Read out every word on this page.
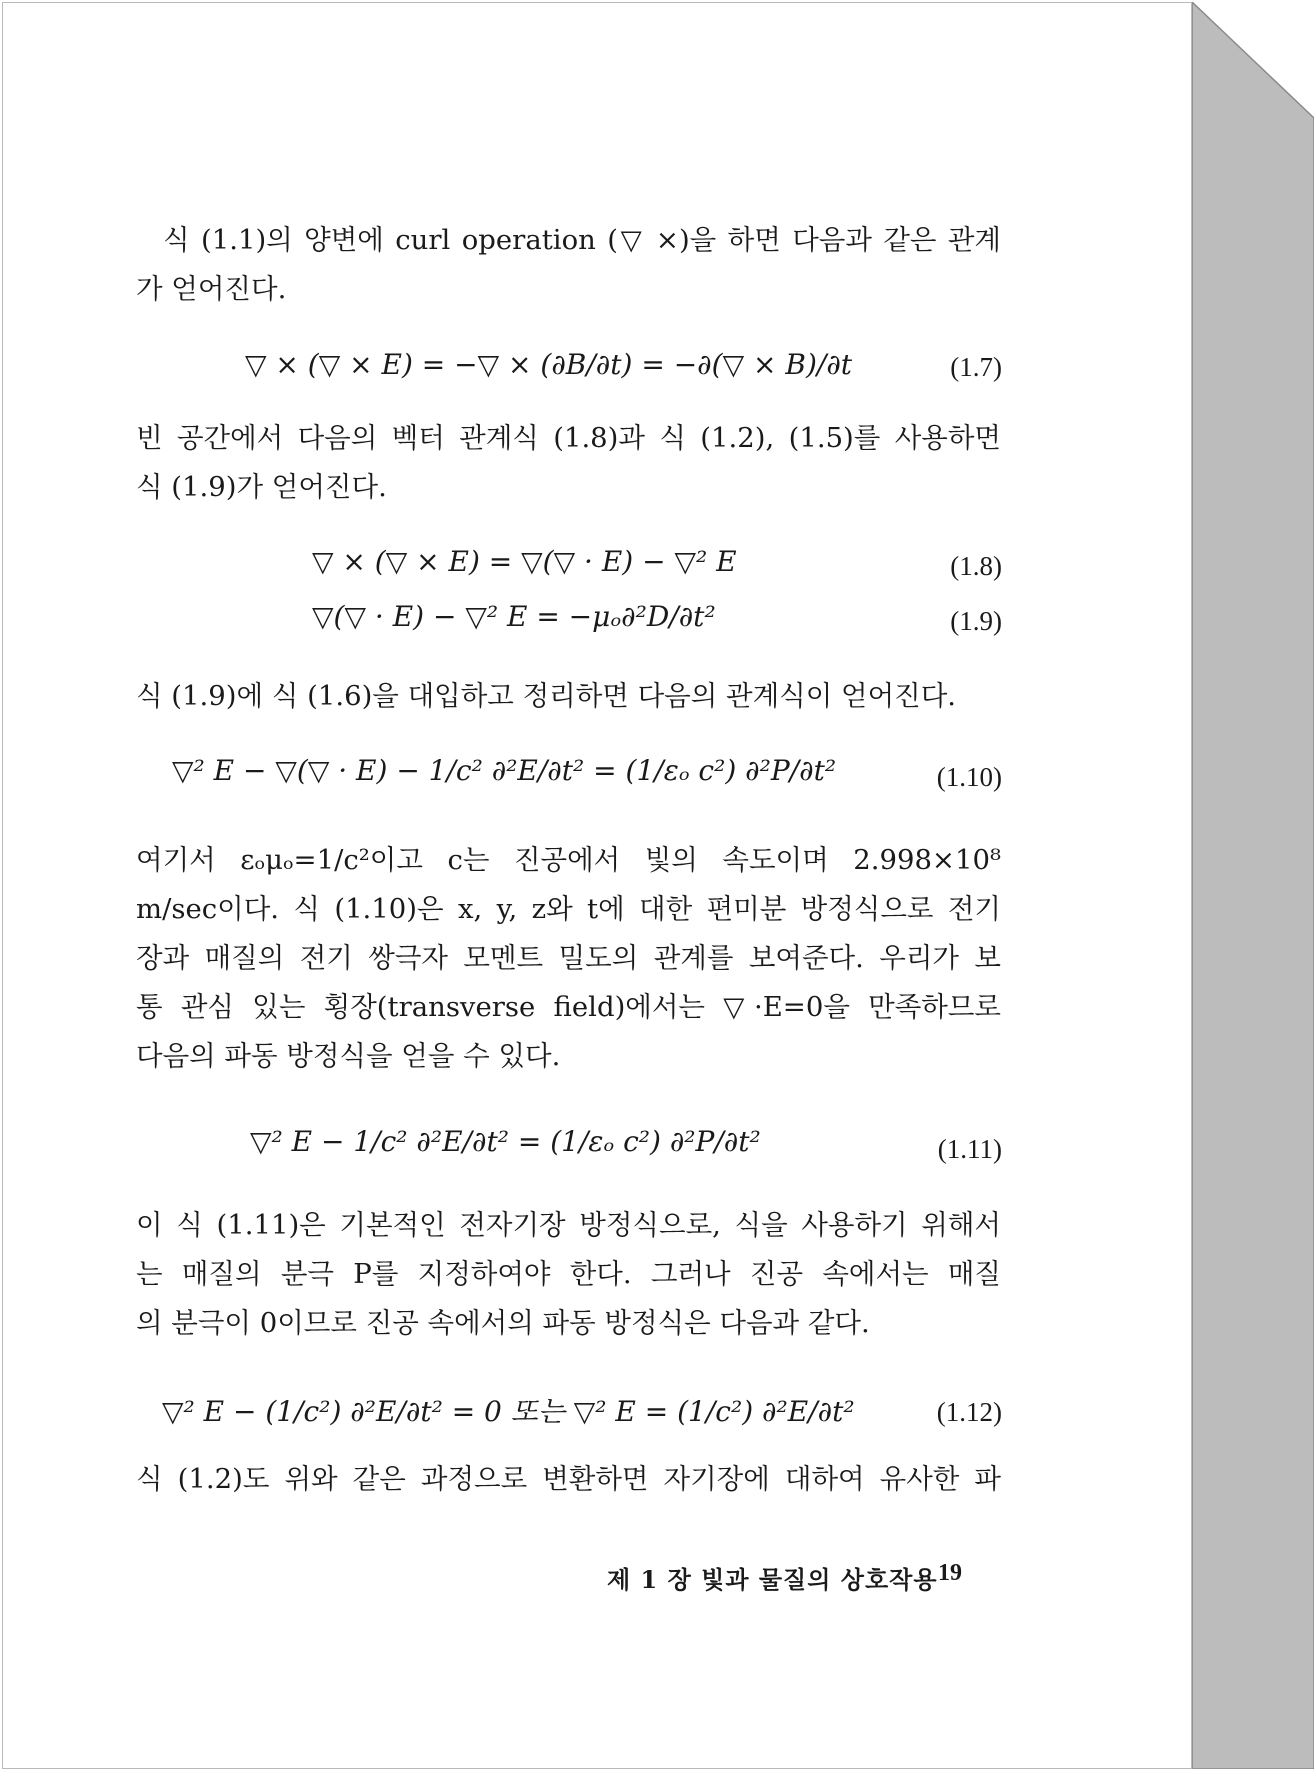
식 (1.1)의 양변에 curl operation (▽ ×)을 하면 다음과 같은 관계
가 얻어진다.
▽ × (▽ × E) = −▽ × (∂B/∂t) = −∂(▽ × B)/∂t	(1.7)
빈 공간에서 다음의 벡터 관계식 (1.8)과 식 (1.2), (1.5)를 사용하면
식 (1.9)가 얻어진다.
▽ × (▽ × E) = ▽(▽ · E) − ▽² E	(1.8)
▽(▽ · E) − ▽² E = −μₒ∂²D/∂t²	(1.9)
식 (1.9)에 식 (1.6)을 대입하고 정리하면 다음의 관계식이 얻어진다.
▽² E − ▽(▽ · E) − 1/c² ∂²E/∂t² = (1/εₒ c²) ∂²P/∂t²	(1.10)
여기서 εₒμₒ=1/c²이고 c는 진공에서 빛의 속도이며 2.998×10⁸
m/sec이다. 식 (1.10)은 x, y, z와 t에 대한 편미분 방정식으로 전기
장과 매질의 전기 쌍극자 모멘트 밀도의 관계를 보여준다. 우리가 보
통 관심 있는 횡장(transverse field)에서는 ▽·E=0을 만족하므로
다음의 파동 방정식을 얻을 수 있다.
▽² E − 1/c² ∂²E/∂t² = (1/εₒ c²) ∂²P/∂t²	(1.11)
이 식 (1.11)은 기본적인 전자기장 방정식으로, 식을 사용하기 위해서
는 매질의 분극 P를 지정하여야 한다. 그러나 진공 속에서는 매질
의 분극이 0이므로 진공 속에서의 파동 방정식은 다음과 같다.
▽² E − (1/c²) ∂²E/∂t² = 0 또는 ▽² E = (1/c²) ∂²E/∂t²	(1.12)
식 (1.2)도 위와 같은 과정으로 변환하면 자기장에 대하여 유사한 파
제 1 장 빛과 물질의 상호작용 19
